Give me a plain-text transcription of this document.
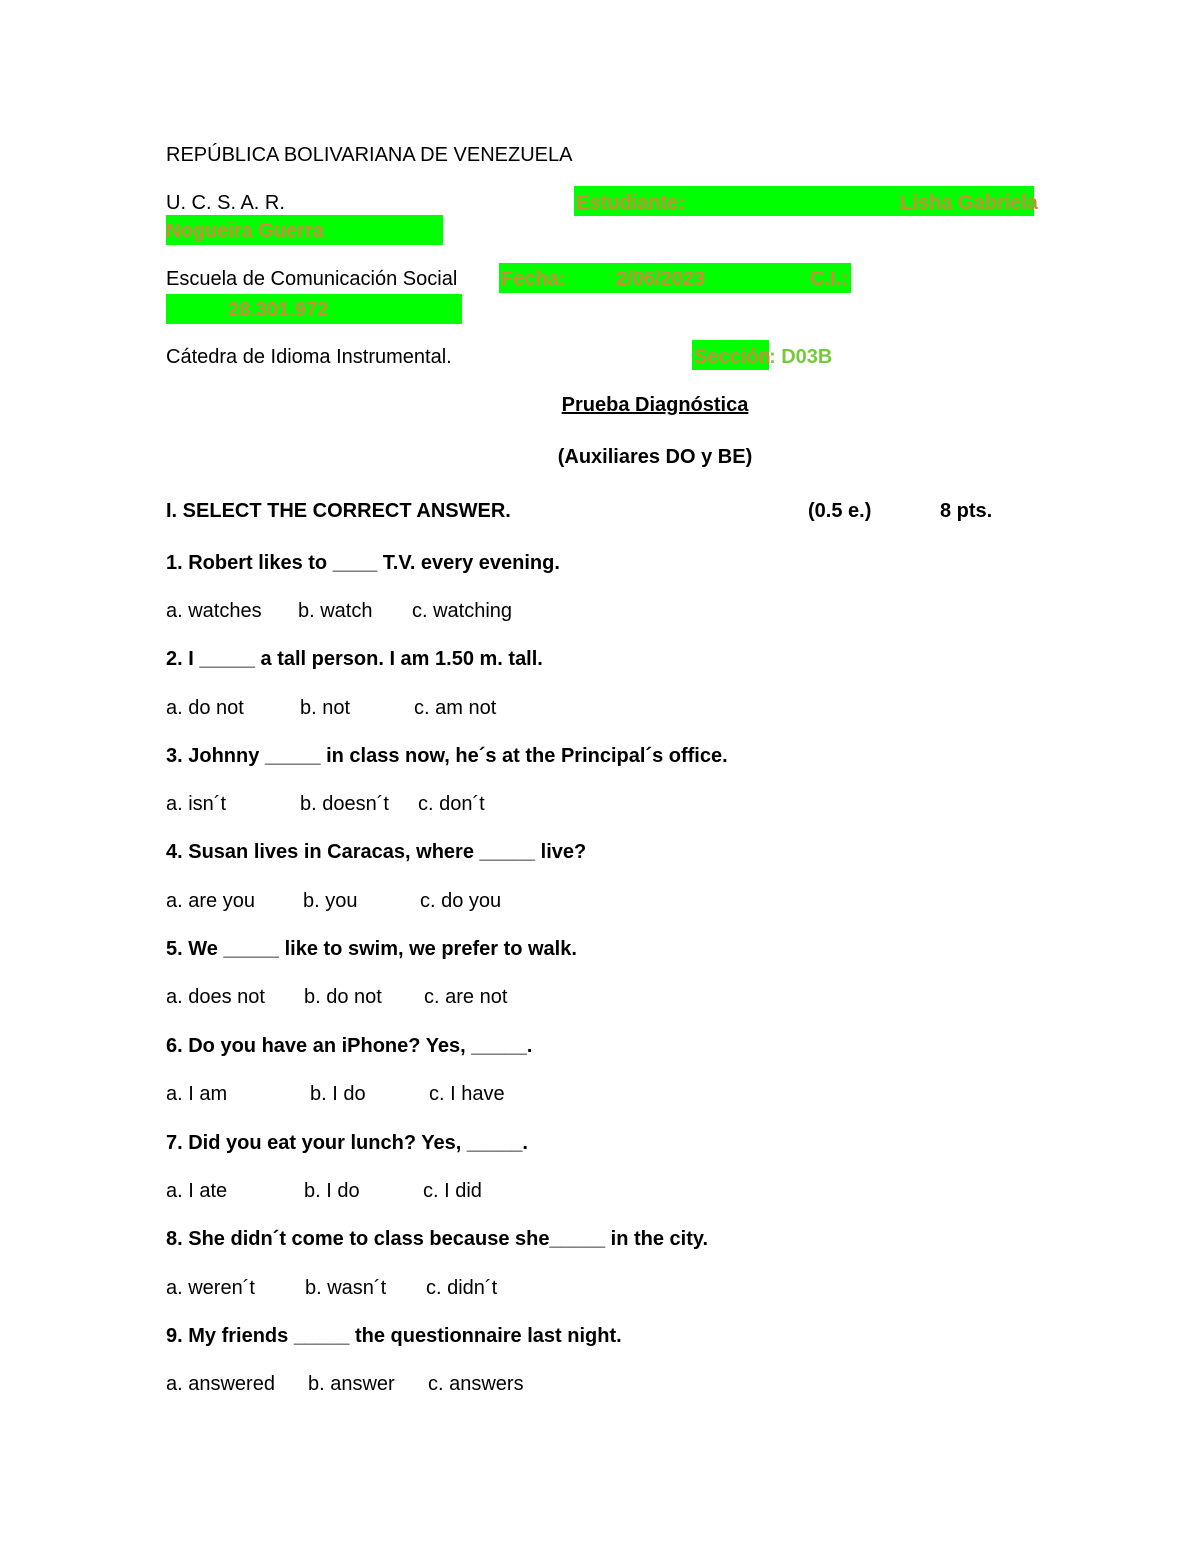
REPÚBLICA BOLIVARIANA DE VENEZUELA
U. C. S. A. R.	Estudiante:	Lisha Gabriela
Nogueira Guerra
Escuela de Comunicación Social Fecha:	2/06/2023	C.I.:
28.301.972
Cátedra de Idioma Instrumental.	Sección
: D03B
Prueba Diagnóstica
(Auxiliares DO y BE)
I. SELECT THE CORRECT ANSWER.	(0.5 e.)	8 pts.
1. Robert likes to ____ T.V. every evening.
a. watches b. watch c. watching
2. I _____ a tall person. I am 1.50 m. tall.
a. do not	b. not	c. am not
3. Johnny _____ in class now, he´s at the Principal´s office.
a. isn´t	b. doesn´t c. don´t
4. Susan lives in Caracas, where _____ live?
a. are you b. you	c. do you
5. We _____ like to swim, we prefer to walk.
a. does not b. do not c. are not
6. Do you have an iPhone? Yes, _____.
a. I am	b. I do	c. I have
7. Did you eat your lunch? Yes, _____.
a. I ate	b. I do	c. I did
8. She didn´t come to class because she_____ in the city.
a. weren´t	b. wasn´t c. didn´t
9. My friends _____ the questionnaire last night.
a. answered b. answer c. answers
